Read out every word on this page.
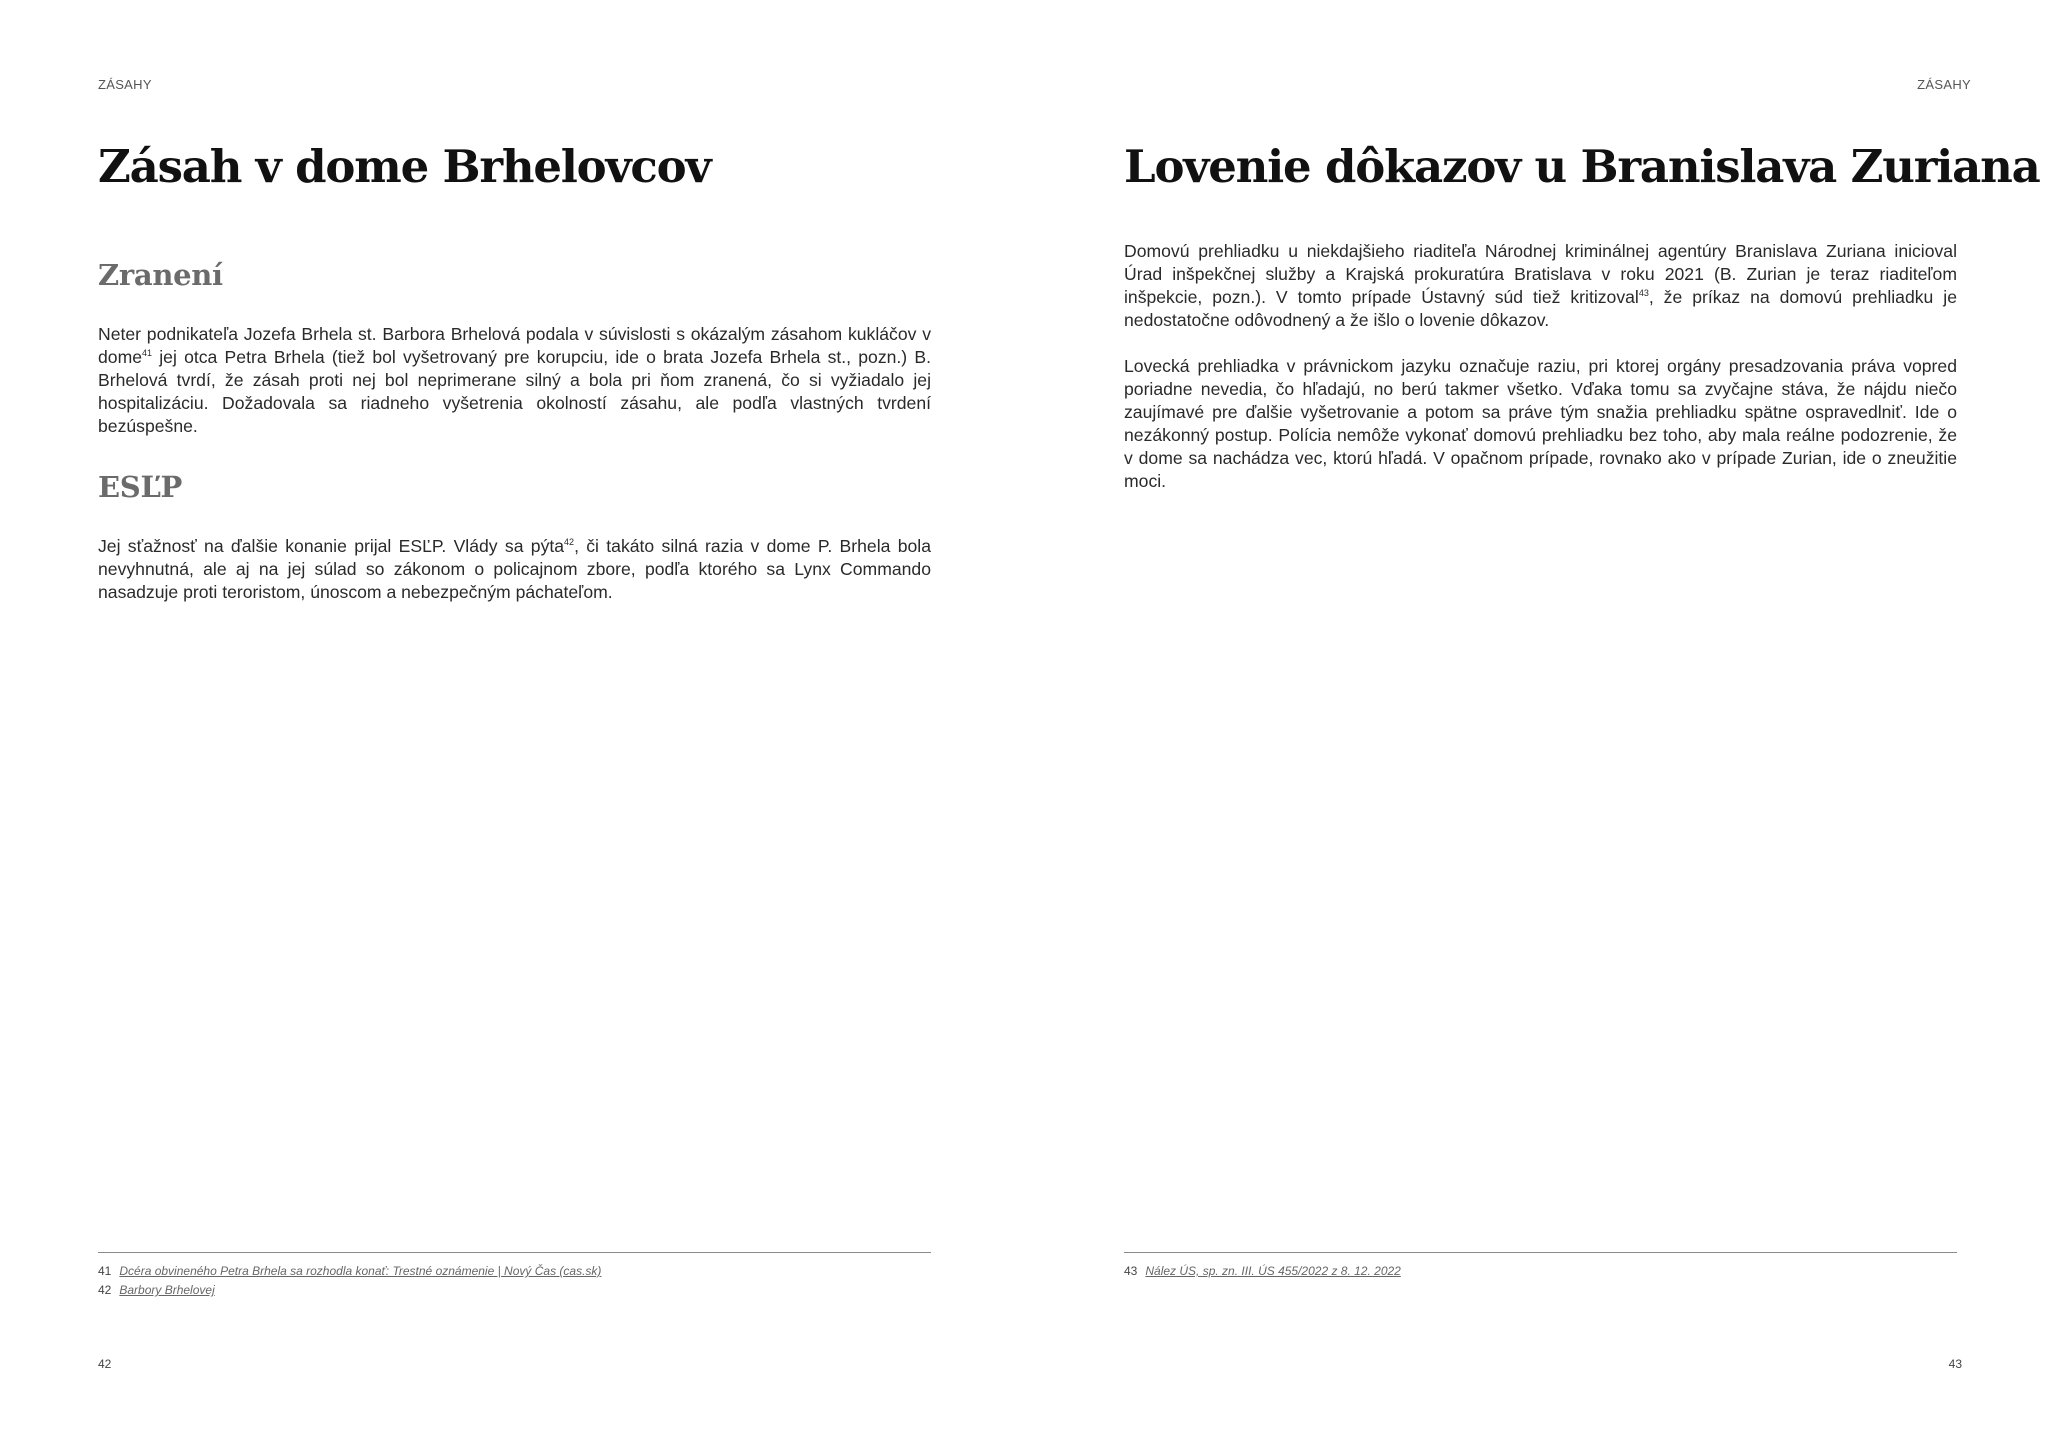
ZÁSAHY
Zásah v dome Brhelovcov
Zranení

Neter podnikateľa Jozefa Brhela st. Barbora Brhelová podala v súvislosti s okázalým zásahom kukláčov v dome$^{41}$ jej otca Petra Brhela (tiež bol vyšetrovaný pre korupciu, ide o brata Jozefa Brhela st., pozn.) B. Brhelová tvrdí, že zásah proti nej bol neprimerane silný a bola pri ňom zranená, čo si vyžiadalo jej hospitalizáciu. Dožadovala sa riadneho vyšetrenia okolností zásahu, ale podľa vlastných tvrdení bezúspešne.

ESĽP

Jej sťažnosť na ďalšie konanie prijal ESĽP. Vlády sa pýta$^{42}$, či takáto silná razia v dome P. Brhela bola nevyhnutná, ale aj na jej súlad so zákonom o policajnom zbore, podľa ktorého sa Lynx Commando nasadzuje proti teroristom, únoscom a nebezpečným páchateľom.

41 Dcéra obvineného Petra Brhela sa rozhodla konať: Trestné oznámenie | Nový Čas (cas.sk)
42 Barbory Brhelovej
42
ZÁSAHY
Lovenie dôkazov u Branislava Zuriana

Domovú prehliadku u niekdajšieho riaditeľa Národnej kriminálnej agentúry Branislava Zuriana inicioval Úrad inšpekčnej služby a Krajská prokuratúra Bratislava v roku 2021 (B. Zurian je teraz riaditeľom inšpekcie, pozn.). V tomto prípade Ústavný súd tiež kritizoval$^{43}$, že príkaz na domovú prehliadku je nedostatočne odôvodnený a že išlo o lovenie dôkazov.

Lovecká prehliadka v právnickom jazyku označuje raziu, pri ktorej orgány presadzovania práva vopred poriadne nevedia, čo hľadajú, no berú takmer všetko. Vďaka tomu sa zvyčajne stáva, že nájdu niečo zaujímavé pre ďalšie vyšetrovanie a potom sa práve tým snažia prehliadku spätne ospravedlniť. Ide o nezákonný postup. Polícia nemôže vykonať domovú prehliadku bez toho, aby mala reálne podozrenie, že v dome sa nachádza vec, ktorú hľadá. V opačnom prípade, rovnako ako v prípade Zurian, ide o zneužitie moci.

43 Nález ÚS, sp. zn. III. ÚS 455/2022 z 8. 12. 2022
43
